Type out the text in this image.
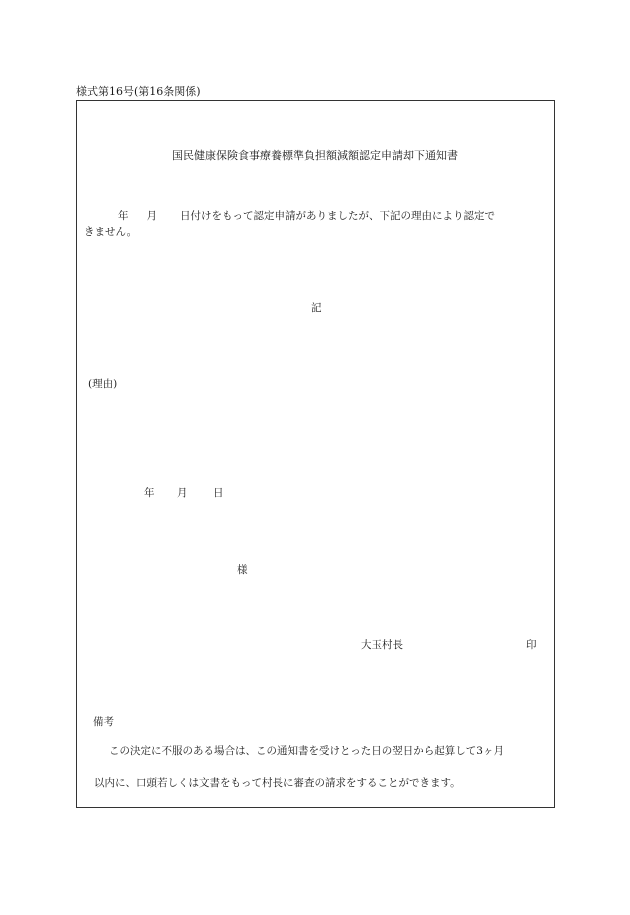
様式第16号(第16条関係)
国民健康保険食事療養標準負担額減額認定申請却下通知書
年 月 日付けをもって認定申請がありましたが、下記の理由により認定で
きません。
記
(理由)
年 月 日
様
大玉村長	印
備考
この決定に不服のある場合は、この通知書を受けとった日の翌日から起算して3ヶ月
以内に、口頭若しくは文書をもって村長に審査の請求をすることができます。
